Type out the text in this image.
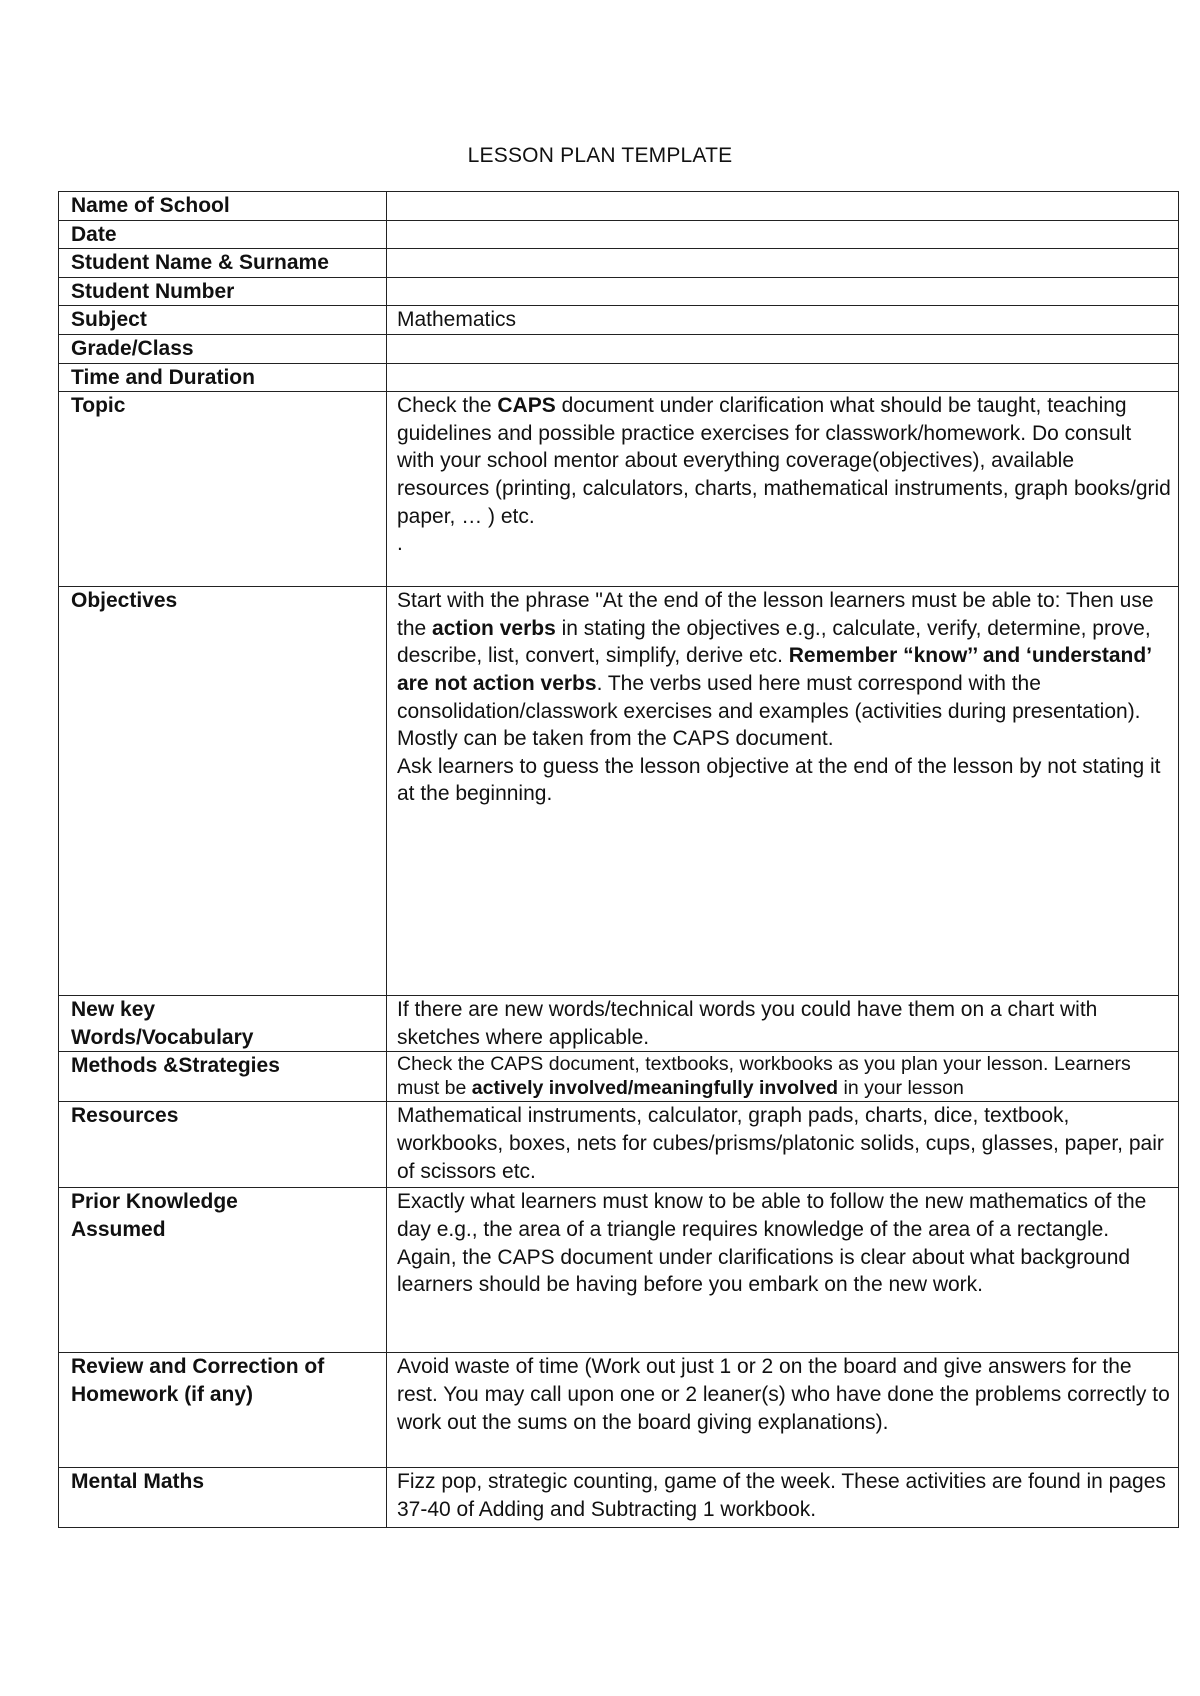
LESSON PLAN TEMPLATE
Name of School	
Date	
Student Name & Surname	
Student Number	
Subject	Mathematics
Grade/Class	
Time and Duration	
Topic	Check the CAPS document under clarification what should be taught, teaching guidelines and possible practice exercises for classwork/homework. Do consult with your school mentor about everything coverage(objectives), available resources (printing, calculators, charts, mathematical instruments, graph books/grid paper, … ) etc.
.

Objectives	Start with the phrase "At the end of the lesson learners must be able to: Then use the action verbs in stating the objectives e.g., calculate, verify, determine, prove, describe, list, convert, simplify, derive etc. Remember “know’’ and ‘understand’ are not action verbs. The verbs used here must correspond with the consolidation/classwork exercises and examples (activities during presentation). Mostly can be taken from the CAPS document.
Ask learners to guess the lesson objective at the end of the lesson by not stating it at the beginning.

New key
Words/Vocabulary	If there are new words/technical words you could have them on a chart with sketches where applicable.
Methods &Strategies	Check the CAPS document, textbooks, workbooks as you plan your lesson. Learners must be actively involved/meaningfully involved in your lesson
Resources	Mathematical instruments, calculator, graph pads, charts, dice, textbook, workbooks, boxes, nets for cubes/prisms/platonic solids, cups, glasses, paper, pair of scissors etc.

Prior Knowledge
Assumed	Exactly what learners must know to be able to follow the new mathematics of the day e.g., the area of a triangle requires knowledge of the area of a rectangle. Again, the CAPS document under clarifications is clear about what background learners should be having before you embark on the new work.

Review and Correction of
Homework (if any)	Avoid waste of time (Work out just 1 or 2 on the board and give answers for the rest. You may call upon one or 2 leaner(s) who have done the problems correctly to work out the sums on the board giving explanations).
Mental Maths	Fizz pop, strategic counting, game of the week. These activities are found in pages 37-40 of Adding and Subtracting 1 workbook.
